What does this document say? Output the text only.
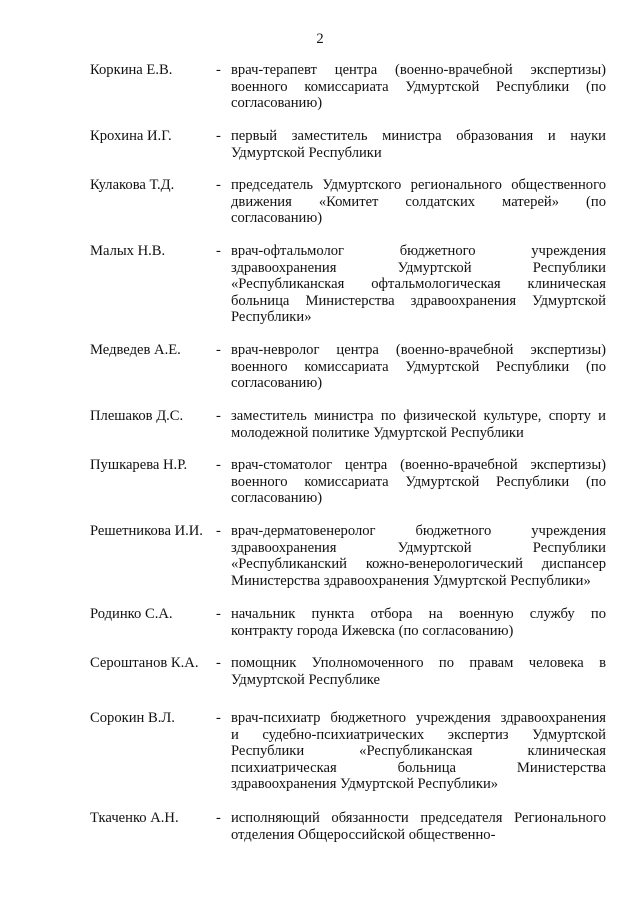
2
Коркина Е.В.	- врач-терапевт центра (военно-врачебной экспертизы)
военного комиссариата Удмуртской Республики (по
согласованию)
Крохина И.Г.	- первый заместитель министра образования и науки
Удмуртской Республики
Кулакова Т.Д.	- председатель Удмуртского регионального общественного
движения «Комитет солдатских матерей» (по
согласованию)
Малых Н.В.	- врач-офтальмолог бюджетного учреждения
здравоохранения Удмуртской Республики
«Республиканская офтальмологическая клиническая
больница Министерства здравоохранения Удмуртской
Республики»
Медведев А.Е. - врач-невролог центра (военно-врачебной экспертизы)
военного комиссариата Удмуртской Республики (по
согласованию)
Плешаков Д.С. - заместитель министра по физической культуре, спорту и
молодежной политике Удмуртской Республики
Пушкарева Н.Р. - врач-стоматолог центра (военно-врачебной экспертизы)
военного комиссариата Удмуртской Республики (по
согласованию)
Решетникова И.И. - врач-дерматовенеролог бюджетного учреждения
здравоохранения Удмуртской Республики
«Республиканский кожно-венерологический диспансер
Министерства здравоохранения Удмуртской Республики»
Родинко С.А.	- начальник пункта отбора на военную службу по
контракту города Ижевска (по согласованию)
Серoштанов К.А. - помощник Уполномоченного по правам человека в
Удмуртской Республике
Сорокин В.Л.	- врач-психиатр бюджетного учреждения здравоохранения
и судебно-психиатрических экспертиз Удмуртской
Республики «Республиканская клиническая
психиатрическая больница Министерства
здравоохранения Удмуртской Республики»
Ткаченко А.Н.	- исполняющий обязанности председателя Регионального
отделения Общероссийской общественно-
